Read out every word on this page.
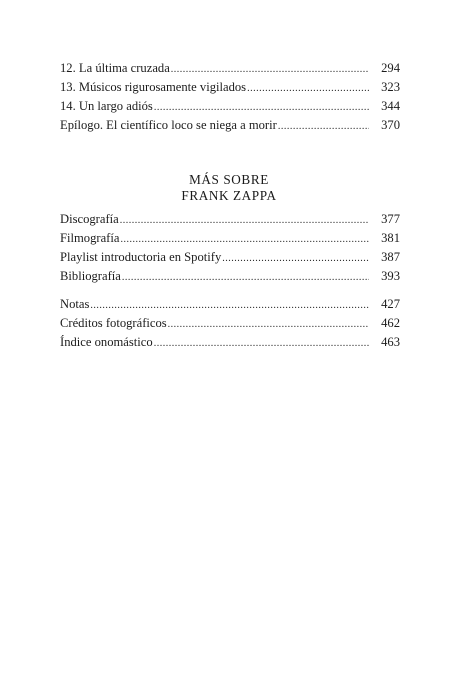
12. La última cruzada .....	294
13. Músicos rigurosamente vigilados .....	323
14. Un largo adiós .....	344
Epílogo. El científico loco se niega a morir .....	370
MÁS SOBRE
FRANK ZAPPA
Discografía .....	377
Filmografía .....	381
Playlist introductoria en Spotify .....	387
Bibliografía .....	393
Notas .....	427
Créditos fotográficos .....	462
Índice onomástico .....	463
